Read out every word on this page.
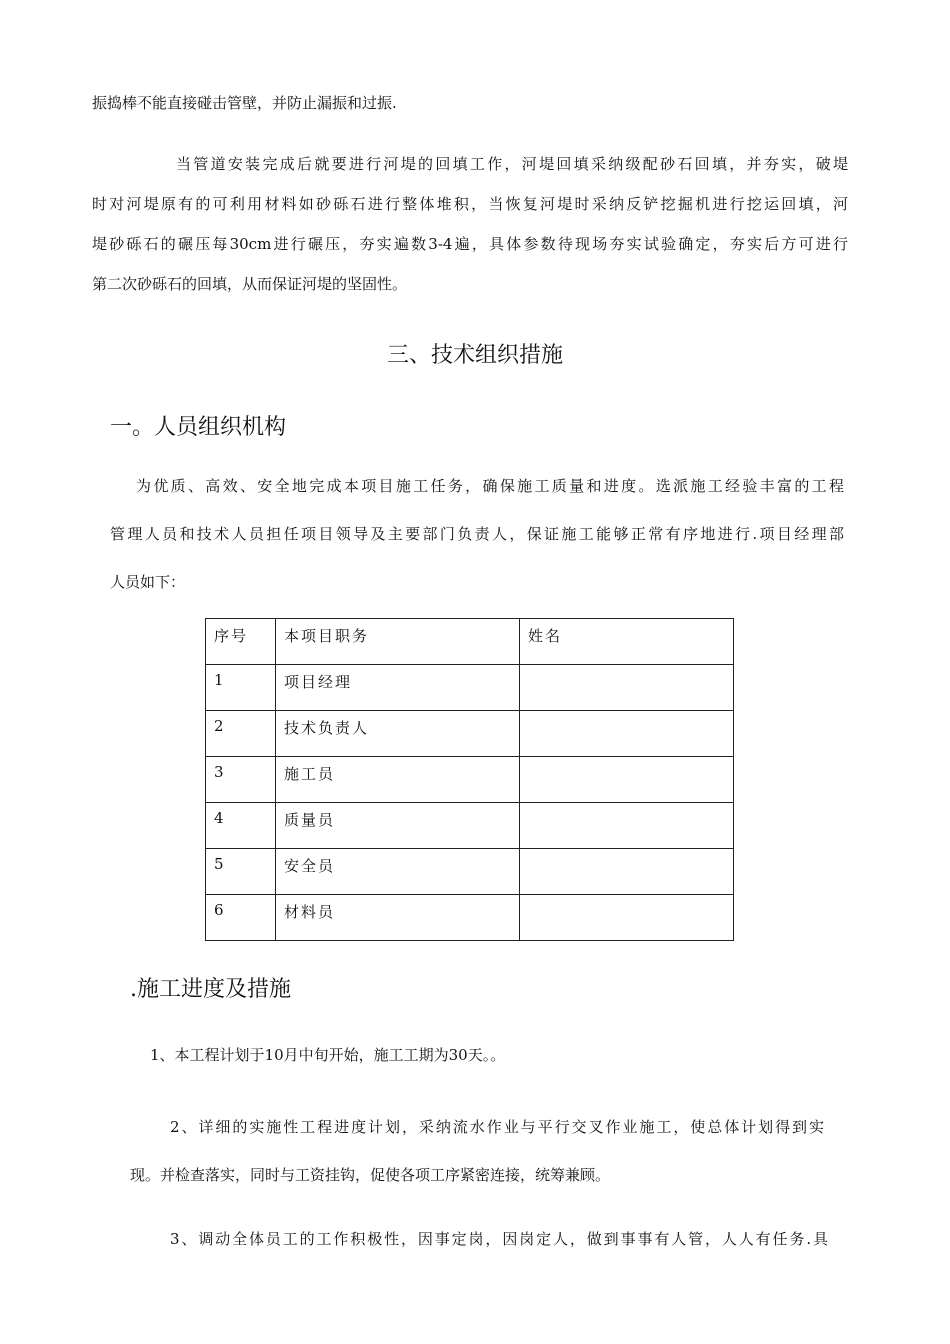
振捣棒不能直接碰击管壁，并防止漏振和过振.
当管道安装完成后就要进行河堤的回填工作，河堤回填采纳级配砂石回填，并夯实，破堤
时对河堤原有的可利用材料如砂砾石进行整体堆积，当恢复河堤时采纳反铲挖掘机进行挖运回填，河
堤砂砾石的碾压每30cm进行碾压，夯实遍数3-4遍，具体参数待现场夯实试验确定，夯实后方可进行
第二次砂砾石的回填，从而保证河堤的坚固性。
三、技术组织措施
一。人员组织机构
为优质、高效、安全地完成本项目施工任务，确保施工质量和进度。选派施工经验丰富的工程
管理人员和技术人员担任项目领导及主要部门负责人，保证施工能够正常有序地进行.项目经理部
人员如下：
序号	本项目职务	姓名
1	项目经理	
2	技术负责人	
3	施工员	
4	质量员	
5	安全员	
6	材料员	
.施工进度及措施
1、本工程计划于10月中旬开始，施工工期为30天。。
2、详细的实施性工程进度计划，采纳流水作业与平行交叉作业施工，使总体计划得到实
现。并检查落实，同时与工资挂钩，促使各项工序紧密连接，统筹兼顾。
3、调动全体员工的工作积极性，因事定岗，因岗定人，做到事事有人管，人人有任务.具
